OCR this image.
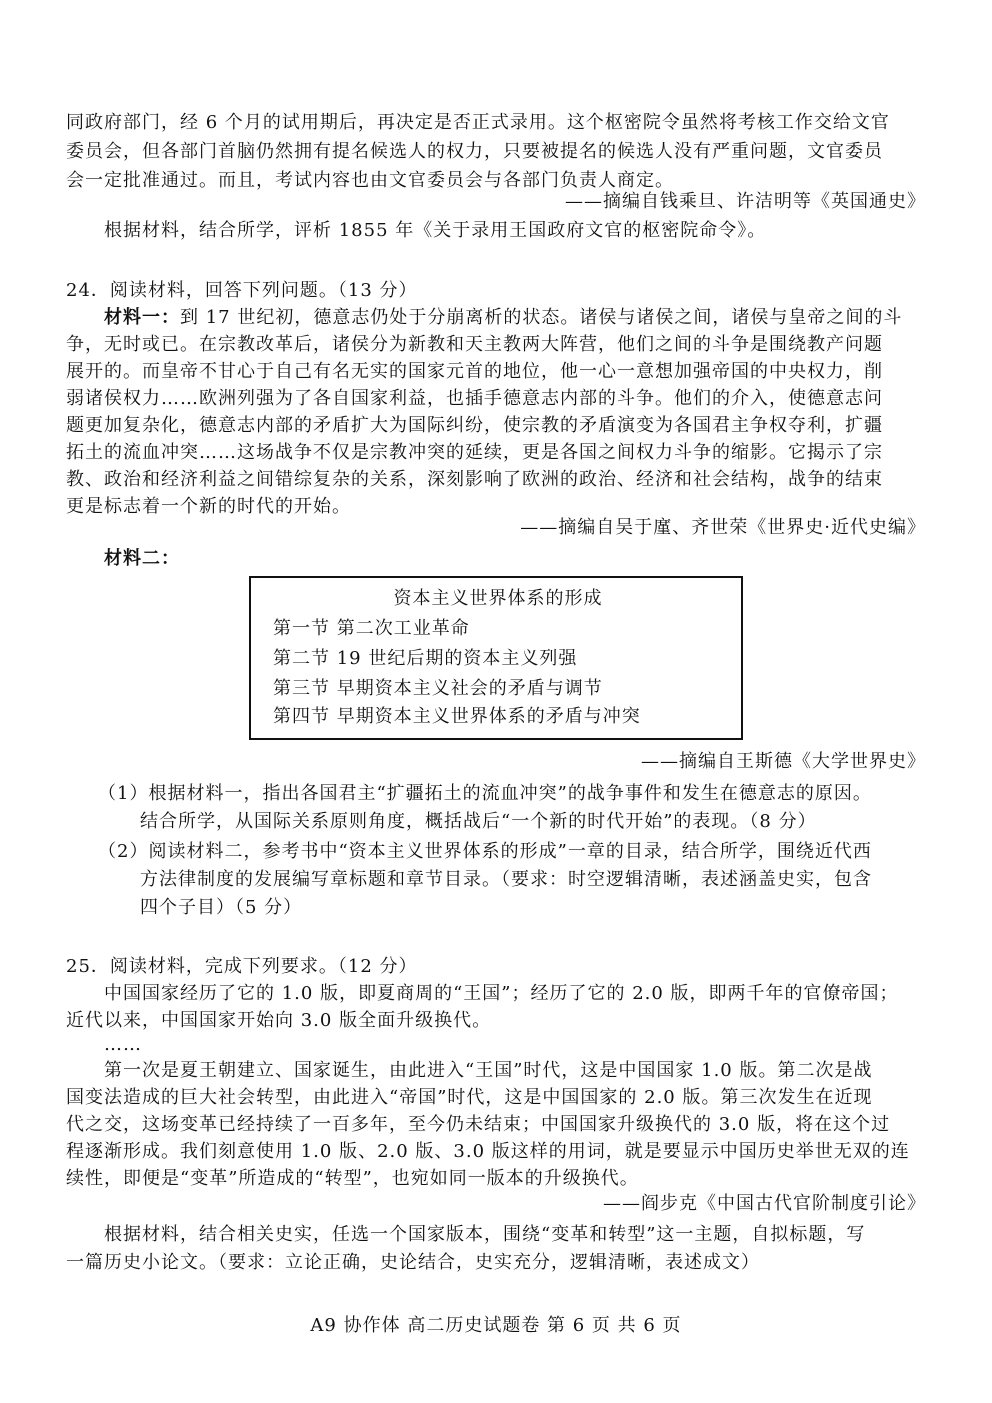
同政府部门，经 6 个月的试用期后，再决定是否正式录用。这个枢密院令虽然将考核工作交给文官
委员会，但各部门首脑仍然拥有提名候选人的权力，只要被提名的候选人没有严重问题，文官委员
会一定批准通过。而且，考试内容也由文官委员会与各部门负责人商定。
——摘编自钱乘旦、许洁明等《英国通史》
根据材料，结合所学，评析 1855 年《关于录用王国政府文官的枢密院命令》。
24．阅读材料，回答下列问题。（13 分）
材料一：到 17 世纪初，德意志仍处于分崩离析的状态。诸侯与诸侯之间，诸侯与皇帝之间的斗
争，无时或已。在宗教改革后，诸侯分为新教和天主教两大阵营，他们之间的斗争是围绕教产问题
展开的。而皇帝不甘心于自己有名无实的国家元首的地位，他一心一意想加强帝国的中央权力，削
弱诸侯权力……欧洲列强为了各自国家利益，也插手德意志内部的斗争。他们的介入，使德意志问
题更加复杂化，德意志内部的矛盾扩大为国际纠纷，使宗教的矛盾演变为各国君主争权夺利，扩疆
拓土的流血冲突……这场战争不仅是宗教冲突的延续，更是各国之间权力斗争的缩影。它揭示了宗
教、政治和经济利益之间错综复杂的关系，深刻影响了欧洲的政治、经济和社会结构，战争的结束
更是标志着一个新的时代的开始。
——摘编自吴于廑、齐世荣《世界史·近代史编》
材料二：
资本主义世界体系的形成
第一节 第二次工业革命
第二节 19 世纪后期的资本主义列强
第三节 早期资本主义社会的矛盾与调节
第四节 早期资本主义世界体系的矛盾与冲突
——摘编自王斯德《大学世界史》
（1）根据材料一，指出各国君主“扩疆拓土的流血冲突”的战争事件和发生在德意志的原因。
结合所学，从国际关系原则角度，概括战后“一个新的时代开始”的表现。（8 分）
（2）阅读材料二，参考书中“资本主义世界体系的形成”一章的目录，结合所学，围绕近代西
方法律制度的发展编写章标题和章节目录。（要求：时空逻辑清晰，表述涵盖史实，包含
四个子目）（5 分）
25．阅读材料，完成下列要求。（12 分）
中国国家经历了它的 1.0 版，即夏商周的“王国”；经历了它的 2.0 版，即两千年的官僚帝国；
近代以来，中国国家开始向 3.0 版全面升级换代。
……
第一次是夏王朝建立、国家诞生，由此进入“王国”时代，这是中国国家 1.0 版。第二次是战
国变法造成的巨大社会转型，由此进入“帝国”时代，这是中国国家的 2.0 版。第三次发生在近现
代之交，这场变革已经持续了一百多年，至今仍未结束；中国国家升级换代的 3.0 版，将在这个过
程逐渐形成。我们刻意使用 1.0 版、2.0 版、3.0 版这样的用词，就是要显示中国历史举世无双的连
续性，即便是“变革”所造成的“转型”，也宛如同一版本的升级换代。
——阎步克《中国古代官阶制度引论》
根据材料，结合相关史实，任选一个国家版本，围绕“变革和转型”这一主题，自拟标题，写
一篇历史小论文。（要求：立论正确，史论结合，史实充分，逻辑清晰，表述成文）
A9 协作体 高二历史试题卷 第 6 页 共 6 页
